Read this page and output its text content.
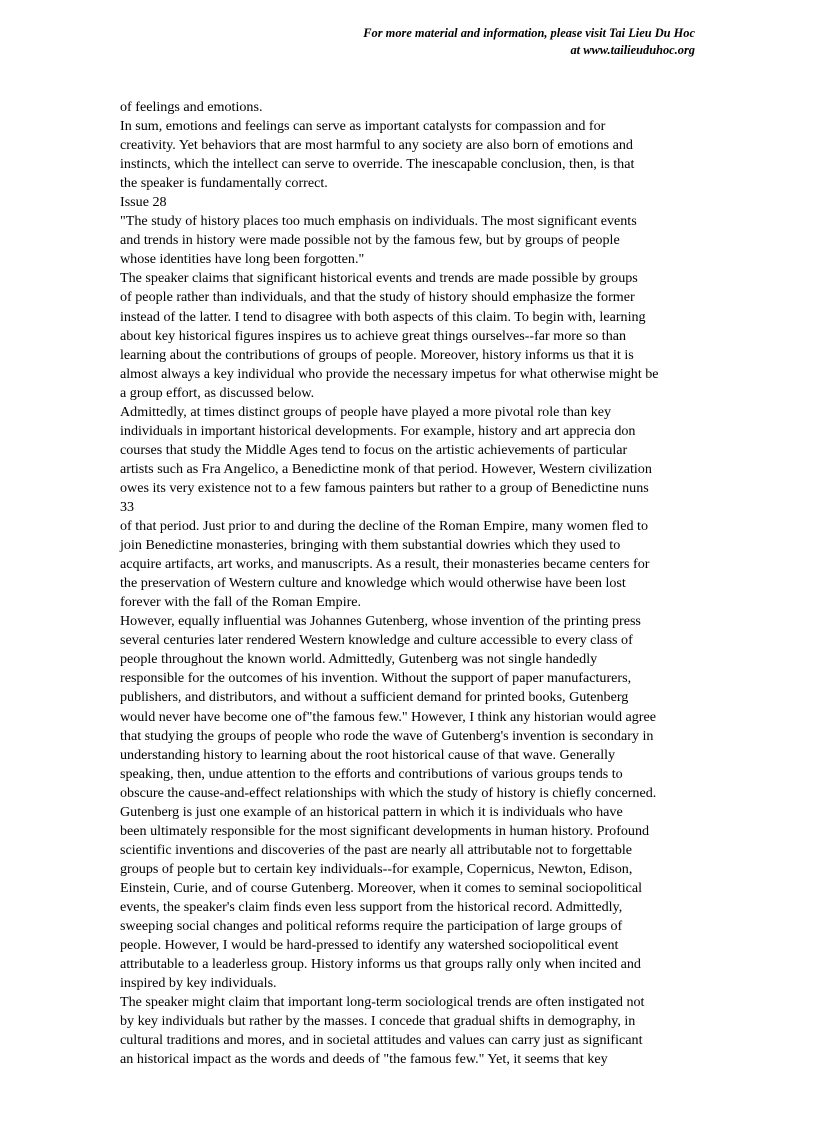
For more material and information, please visit Tai Lieu Du Hoc
at www.tailieuduhoc.org
of feelings and emotions.
In sum, emotions and feelings can serve as important catalysts for compassion and for
creativity. Yet behaviors that are most harmful to any society are also born of emotions and
instincts, which the intellect can serve to override. The inescapable conclusion, then, is that
the speaker is fundamentally correct.
Issue 28
"The study of history places too much emphasis on individuals. The most significant events
and trends in history were made possible not by the famous few, but by groups of people
whose identities have long been forgotten."
The speaker claims that significant historical events and trends are made possible by groups
of people rather than individuals, and that the study of history should emphasize the former
instead of the latter. I tend to disagree with both aspects of this claim. To begin with, learning
about key historical figures inspires us to achieve great things ourselves--far more so than
learning about the contributions of groups of people. Moreover, history informs us that it is
almost always a key individual who provide the necessary impetus for what otherwise might be
a group effort, as discussed below.
Admittedly, at times distinct groups of people have played a more pivotal role than key
individuals in important historical developments. For example, history and art apprecia don
courses that study the Middle Ages tend to focus on the artistic achievements of particular
artists such as Fra Angelico, a Benedictine monk of that period. However, Western civilization
owes its very existence not to a few famous painters but rather to a group of Benedictine nuns
33
of that period. Just prior to and during the decline of the Roman Empire, many women fled to
join Benedictine monasteries, bringing with them substantial dowries which they used to
acquire artifacts, art works, and manuscripts. As a result, their monasteries became centers for
the preservation of Western culture and knowledge which would otherwise have been lost
forever with the fall of the Roman Empire.
However, equally influential was Johannes Gutenberg, whose invention of the printing press
several centuries later rendered Western knowledge and culture accessible to every class of
people throughout the known world. Admittedly, Gutenberg was not single handedly
responsible for the outcomes of his invention. Without the support of paper manufacturers,
publishers, and distributors, and without a sufficient demand for printed books, Gutenberg
would never have become one of"the famous few." However, I think any historian would agree
that studying the groups of people who rode the wave of Gutenberg's invention is secondary in
understanding history to learning about the root historical cause of that wave. Generally
speaking, then, undue attention to the efforts and contributions of various groups tends to
obscure the cause-and-effect relationships with which the study of history is chiefly concerned.
Gutenberg is just one example of an historical pattern in which it is individuals who have
been ultimately responsible for the most significant developments in human history. Profound
scientific inventions and discoveries of the past are nearly all attributable not to forgettable
groups of people but to certain key individuals--for example, Copernicus, Newton, Edison,
Einstein, Curie, and of course Gutenberg. Moreover, when it comes to seminal sociopolitical
events, the speaker's claim finds even less support from the historical record. Admittedly,
sweeping social changes and political reforms require the participation of large groups of
people. However, I would be hard-pressed to identify any watershed sociopolitical event
attributable to a leaderless group. History informs us that groups rally only when incited and
inspired by key individuals.
The speaker might claim that important long-term sociological trends are often instigated not
by key individuals but rather by the masses. I concede that gradual shifts in demography, in
cultural traditions and mores, and in societal attitudes and values can carry just as significant
an historical impact as the words and deeds of "the famous few." Yet, it seems that key
